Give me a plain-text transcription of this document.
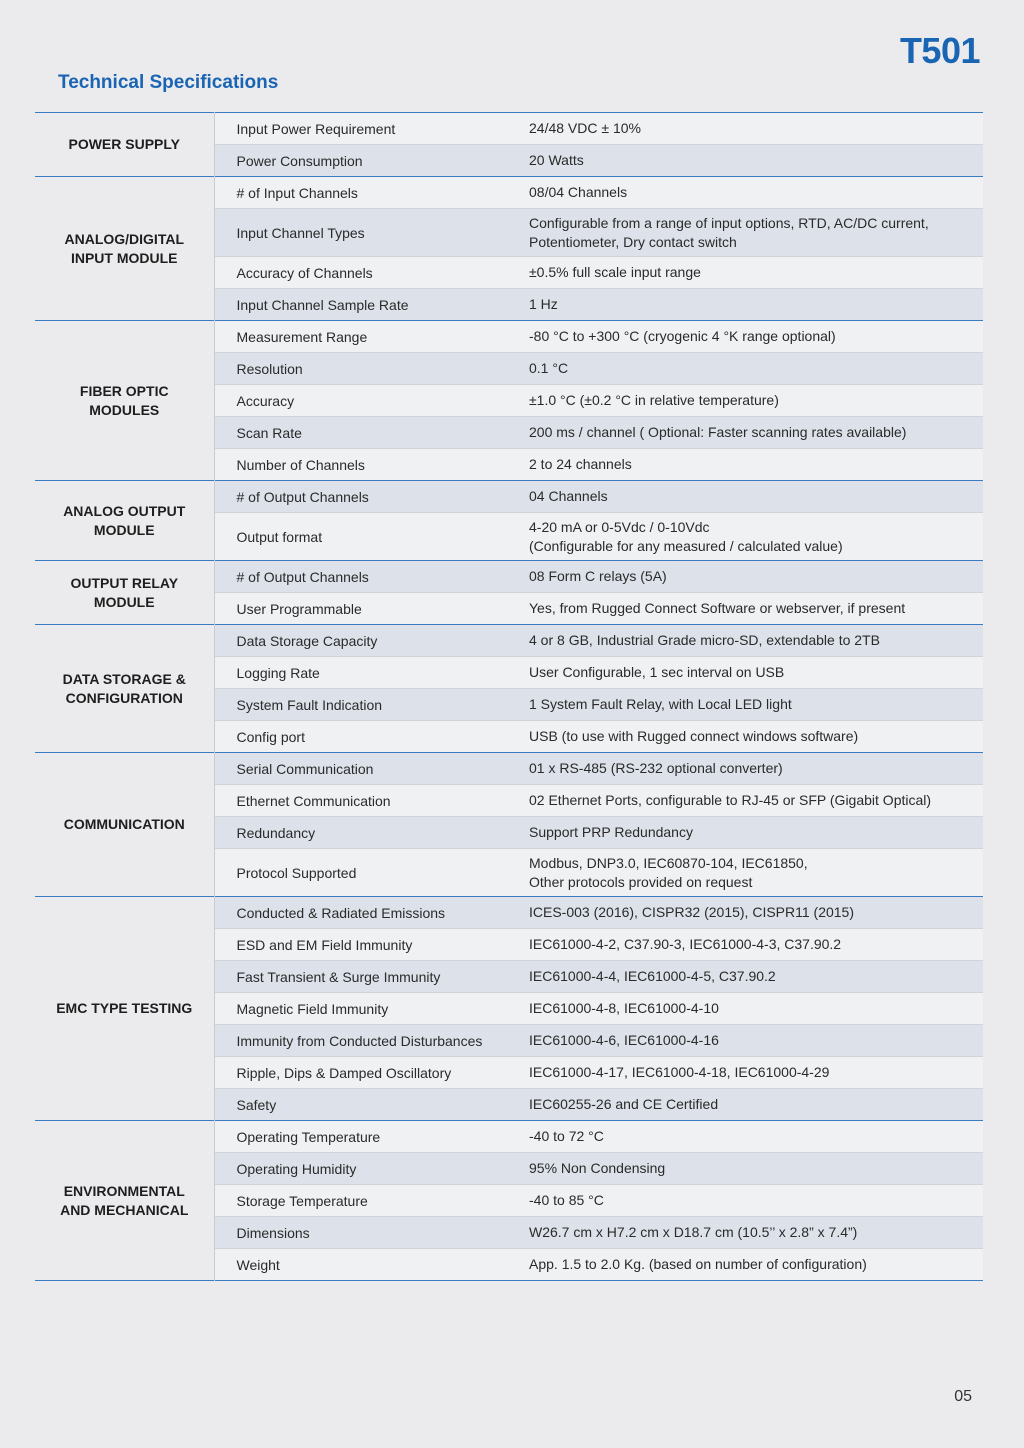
T501
Technical Specifications
POWER SUPPLY	Input Power Requirement	24/48 VDC ± 10%

	Power Consumption	20 Watts

ANALOG/DIGITAL
INPUT MODULE	# of Input Channels	08/04 Channels

	Input Channel Types	Configurable from a range of input options, RTD, AC/DC current,
Potentiometer, Dry contact switch

	Accuracy of Channels	±0.5% full scale input range

	Input Channel Sample Rate	1 Hz

FIBER OPTIC
MODULES	Measurement Range	-80 °C to +300 °C (cryogenic 4 °K range optional)

	Resolution	0.1 °C

	Accuracy	±1.0 °C (±0.2 °C in relative temperature)

	Scan Rate	200 ms / channel ( Optional: Faster scanning rates available)

	Number of Channels	2 to 24 channels

ANALOG OUTPUT
MODULE	# of Output Channels	04 Channels

	Output format	4-20 mA or 0-5Vdc / 0-10Vdc
(Configurable for any measured / calculated value)

OUTPUT RELAY
MODULE	# of Output Channels	08 Form C relays (5A)

	User Programmable	Yes, from Rugged Connect Software or webserver, if present

DATA STORAGE &
CONFIGURATION	Data Storage Capacity	4 or 8 GB, Industrial Grade micro-SD, extendable to 2TB

	Logging Rate	User Configurable, 1 sec interval on USB

	System Fault Indication	1 System Fault Relay, with Local LED light

	Config port	USB (to use with Rugged connect windows software)

COMMUNICATION	Serial Communication	01 x RS-485 (RS-232 optional converter)

	Ethernet Communication	02 Ethernet Ports, configurable to RJ-45 or SFP (Gigabit Optical)

	Redundancy	Support PRP Redundancy

	Protocol Supported	Modbus, DNP3.0, IEC60870-104, IEC61850,
Other protocols provided on request

EMC TYPE TESTING	Conducted & Radiated Emissions	ICES-003 (2016), CISPR32 (2015), CISPR11 (2015)

	ESD and EM Field Immunity	IEC61000-4-2, C37.90-3, IEC61000-4-3, C37.90.2

	Fast Transient & Surge Immunity	IEC61000-4-4, IEC61000-4-5, C37.90.2

	Magnetic Field Immunity	IEC61000-4-8, IEC61000-4-10

	Immunity from Conducted Disturbances	IEC61000-4-6, IEC61000-4-16

	Ripple, Dips & Damped Oscillatory	IEC61000-4-17, IEC61000-4-18, IEC61000-4-29

	Safety	IEC60255-26 and CE Certified

ENVIRONMENTAL
AND MECHANICAL	Operating Temperature	-40 to 72 °C

	Operating Humidity	95% Non Condensing

	Storage Temperature	-40 to 85 °C

	Dimensions	W26.7 cm x H7.2 cm x D18.7 cm (10.5’’ x 2.8” x 7.4”)

	Weight	App. 1.5 to 2.0 Kg. (based on number of configuration)
05
